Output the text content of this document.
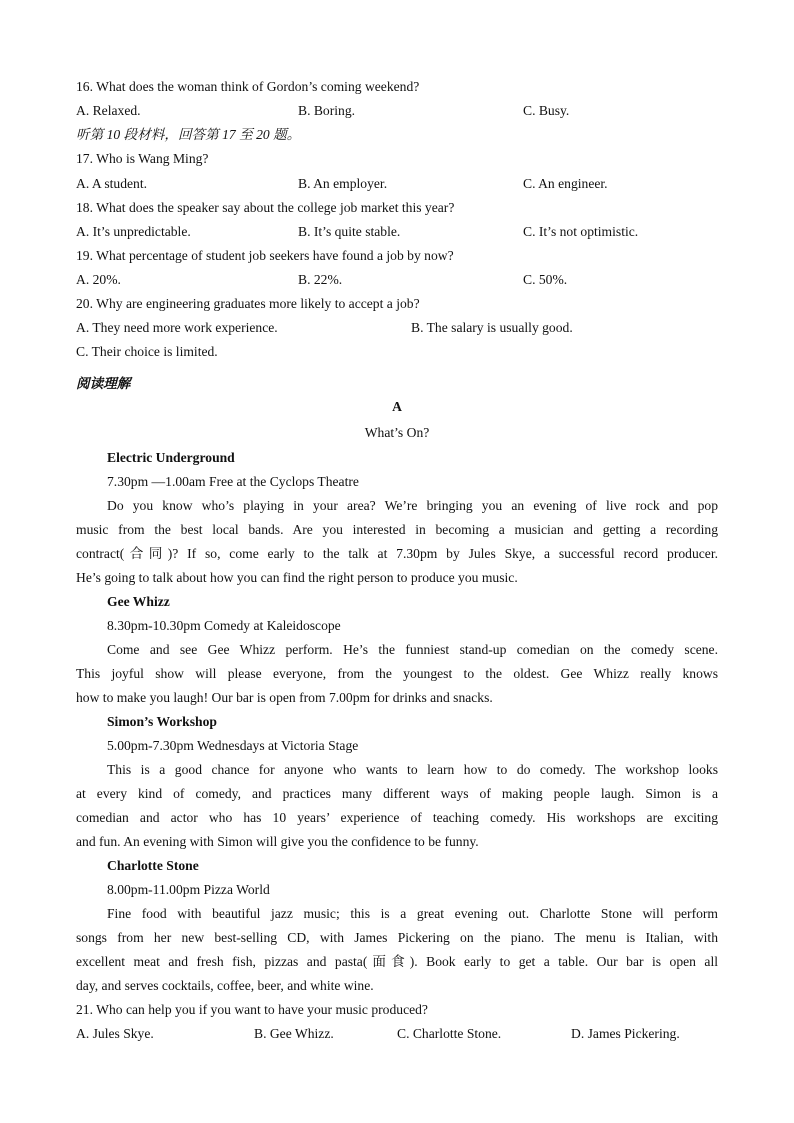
16. What does the woman think of Gordon’s coming weekend?
A. Relaxed.	B. Boring.	C. Busy.
听第 10 段材料，回答第 17 至 20 题。
17. Who is Wang Ming?
A. A student.	B. An employer.	C. An engineer.
18. What does the speaker say about the college job market this year?
A. It’s unpredictable.	B. It’s quite stable.	C. It’s not optimistic.
19. What percentage of student job seekers have found a job by now?
A. 20%.	B. 22%.	C. 50%.
20. Why are engineering graduates more likely to accept a job?
A. They need more work experience.	B. The salary is usually good.
C. Their choice is limited.
阅读理解
A
What’s On?
Electric Underground
7.30pm —1.00am Free at the Cyclops Theatre
Do you know who’s playing in your area? We’re bringing you an evening of live rock and pop
music from the best local bands. Are you interested in becoming a musician and getting a recording
contract(合同)? If so, come early to the talk at 7.30pm by Jules Skye, a successful record producer.
He’s going to talk about how you can find the right person to produce you music.
Gee Whizz
8.30pm-10.30pm Comedy at Kaleidoscope
Come and see Gee Whizz perform. He’s the funniest stand-up comedian on the comedy scene.
This joyful show will please everyone, from the youngest to the oldest. Gee Whizz really knows
how to make you laugh! Our bar is open from 7.00pm for drinks and snacks.
Simon’s Workshop
5.00pm-7.30pm Wednesdays at Victoria Stage
This is a good chance for anyone who wants to learn how to do comedy. The workshop looks
at every kind of comedy, and practices many different ways of making people laugh. Simon is a
comedian and actor who has 10 years’ experience of teaching comedy. His workshops are exciting
and fun. An evening with Simon will give you the confidence to be funny.
Charlotte Stone
8.00pm-11.00pm Pizza World
Fine food with beautiful jazz music; this is a great evening out. Charlotte Stone will perform
songs from her new best-selling CD, with James Pickering on the piano. The menu is Italian, with
excellent meat and fresh fish, pizzas and pasta(面食). Book early to get a table. Our bar is open all
day, and serves cocktails, coffee, beer, and white wine.
21. Who can help you if you want to have your music produced?
A. Jules Skye.	B. Gee Whizz.	C. Charlotte Stone.	D. James Pickering.
